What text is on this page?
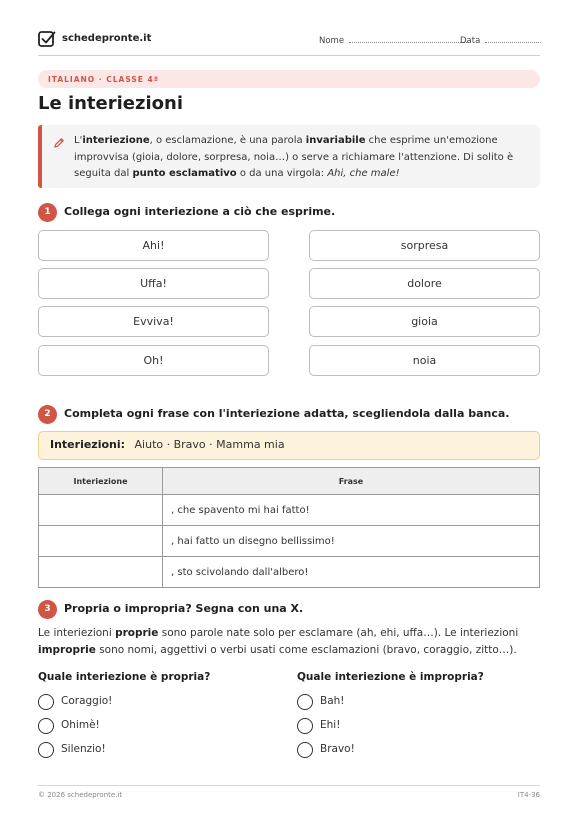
schedepronte.it	Nome	Data
ITALIANO · CLASSE 4ª
Le interiezioni
L'interiezione, o esclamazione, è una parola invariabile che esprime un'emozione improvvisa (gioia, dolore, sorpresa, noia…) o serve a richiamare l'attenzione. Di solito è seguita dal punto esclamativo o da una virgola: Ahi, che male!
1	Collega ogni interiezione a ciò che esprime.
Ahi!
Uffa!
Evviva!
Oh!
sorpresa
dolore
gioia
noia
2	Completa ogni frase con l'interiezione adatta, scegliendola dalla banca.
Interiezioni: Aiuto · Bravo · Mamma mia
Interiezione	Frase
	, che spavento mi hai fatto!
	, hai fatto un disegno bellissimo!
	, sto scivolando dall'albero!
3	Propria o impropria? Segna con una X.
Le interiezioni proprie sono parole nate solo per esclamare (ah, ehi, uffa…). Le interiezioni improprie sono nomi, aggettivi o verbi usati come esclamazioni (bravo, coraggio, zitto…).
Quale interiezione è propria?
Coraggio!
Ohimè!
Silenzio!
Quale interiezione è impropria?
Bah!
Ehi!
Bravo!
© 2026 schedepronte.it	IT4-36
